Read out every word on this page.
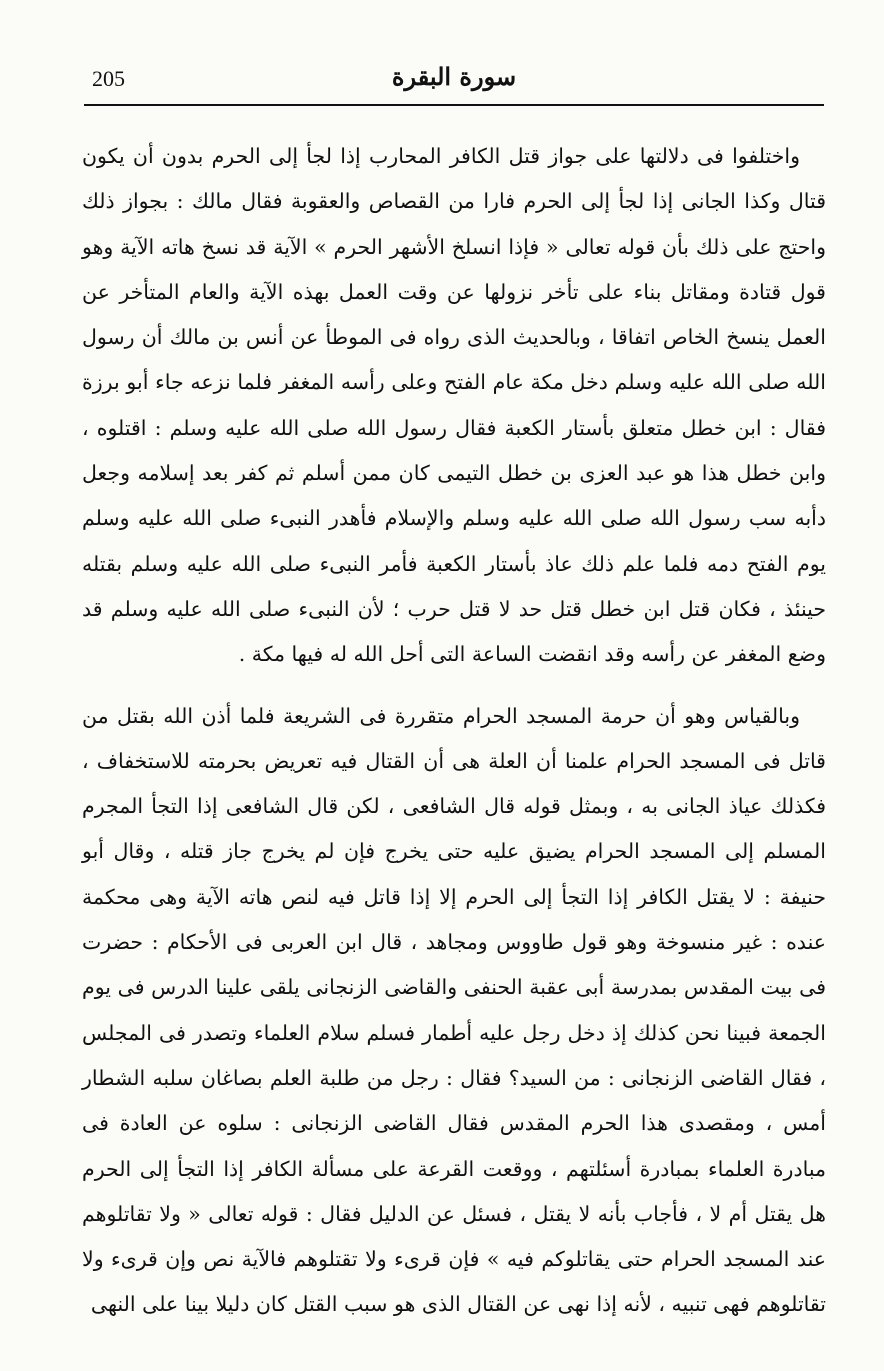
205	سورة البقرة

واختلفوا فى دلالتها على جواز قتل الكافر المحارب إذا لجأ إلى الحرم بدون أن يكون قتال وكذا الجانى إذا لجأ إلى الحرم فارا من القصاص والعقوبة فقال مالك : بجواز ذلك واحتج على ذلك بأن قوله تعالى « فإذا انسلخ الأشهر الحرم » الآية قد نسخ هاته الآية وهو قول قتادة ومقاتل بناء على تأخر نزولها عن وقت العمل بهذه الآية والعام المتأخر عن العمل ينسخ الخاص اتفاقا ، وبالحديث الذى رواه فى الموطأ عن أنس بن مالك أن رسول الله صلى الله عليه وسلم دخل مكة عام الفتح وعلى رأسه المغفر فلما نزعه جاء أبو برزة فقال : ابن خطل متعلق بأستار الكعبة فقال رسول الله صلى الله عليه وسلم : اقتلوه ، وابن خطل هذا هو عبد العزى بن خطل التيمى كان ممن أسلم ثم كفر بعد إسلامه وجعل دأبه سب رسول الله صلى الله عليه وسلم والإسلام فأهدر النبىء صلى الله عليه وسلم يوم الفتح دمه فلما علم ذلك عاذ بأستار الكعبة فأمر النبىء صلى الله عليه وسلم بقتله حينئذ ، فكان قتل ابن خطل قتل حد لا قتل حرب ؛ لأن النبىء صلى الله عليه وسلم قد وضع المغفر عن رأسه وقد انقضت الساعة التى أحل الله له فيها مكة .

وبالقياس وهو أن حرمة المسجد الحرام متقررة فى الشريعة فلما أذن الله بقتل من قاتل فى المسجد الحرام علمنا أن العلة هى أن القتال فيه تعريض بحرمته للاستخفاف ، فكذلك عياذ الجانى به ، وبمثل قوله قال الشافعى ، لكن قال الشافعى إذا التجأ المجرم المسلم إلى المسجد الحرام يضيق عليه حتى يخرج فإن لم يخرج جاز قتله ، وقال أبو حنيفة : لا يقتل الكافر إذا التجأ إلى الحرم إلا إذا قاتل فيه لنص هاته الآية وهى محكمة عنده : غير منسوخة وهو قول طاووس ومجاهد ، قال ابن العربى فى الأحكام : حضرت فى بيت المقدس بمدرسة أبى عقبة الحنفى والقاضى الزنجانى يلقى علينا الدرس فى يوم الجمعة فبينا نحن كذلك إذ دخل رجل عليه أطمار فسلم سلام العلماء وتصدر فى المجلس ، فقال القاضى الزنجانى : من السيد؟ فقال : رجل من طلبة العلم بصاغان سلبه الشطار أمس ، ومقصدى هذا الحرم المقدس فقال القاضى الزنجانى : سلوه عن العادة فى مبادرة العلماء بمبادرة أسئلتهم ، ووقعت القرعة على مسألة الكافر إذا التجأ إلى الحرم هل يقتل أم لا ، فأجاب بأنه لا يقتل ، فسئل عن الدليل فقال : قوله تعالى « ولا تقاتلوهم عند المسجد الحرام حتى يقاتلوكم فيه » فإن قرىء ولا تقتلوهم فالآية نص وإن قرىء ولا تقاتلوهم فهى تنبيه ، لأنه إذا نهى عن القتال الذى هو سبب القتل كان دليلا بينا على النهى
